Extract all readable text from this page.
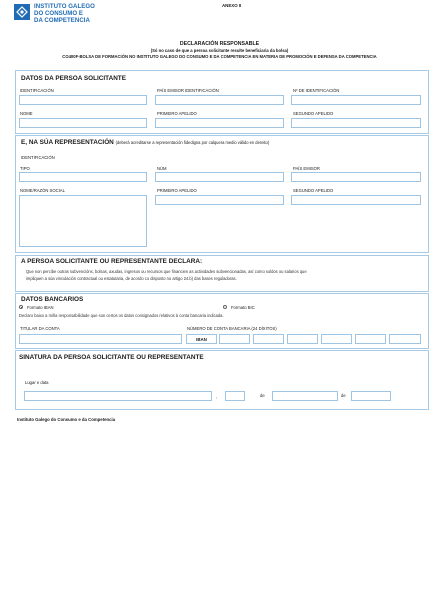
INSTITUTO GALEGO
DO CONSUMO E
DA COMPETENCIA
ANEXO II
DECLARACIÓN RESPONSABLE
(Só no caso de que a persoa solicitante resulte beneficiaria da bolsa)
CO400F-BOLSA DE FORMACIÓN NO INSTITUTO GALEGO DO CONSUMO E DA COMPETENCIA EN MATERIA DE PROMOCIÓN E DEFENSA DA COMPETENCIA
DATOS DA PERSOA SOLICITANTE
IDENTIFICACIÓN	PAÍS EMISOR IDENTIFICACIÓN	Nº DE IDENTIFICACIÓN
NOME	PRIMEIRO APELIDO	SEGUNDO APELIDO
E, NA SÚA REPRESENTACIÓN (deberá acreditarse a representación fidedigna por calquera medio válido en dereito)
IDENTIFICACIÓN
TIPO	NÚM	PAÍS EMISOR
NOME/RAZÓN SOCIAL	PRIMEIRO APELIDO	SEGUNDO APELIDO
A PERSOA SOLICITANTE OU REPRESENTANTE DECLARA:
Que non percibe outras subvencións, bolsas, axudas, ingresos ou recursos que financien as actividades subvencionadas, así como soldos ou salarios que
impliquen a súa vinculación contractual ou estatutaria, de acordo co disposto no artigo 24.b) das bases reguladoras.
DATOS BANCARIOS
Formato IBAN	Formato BIC
Declaro baixo a miña responsabilidade que son certos os datos consignados relativos á conta bancaria indicada.
TITULAR DA CONTA	NÚMERO DE CONTA BANCARIA (24 DÍXITOS)
IBAN
SINATURA DA PERSOA SOLICITANTE OU REPRESENTANTE
Lugar e data
,	de	de
Instituto Galego do Consumo e da Competencia
